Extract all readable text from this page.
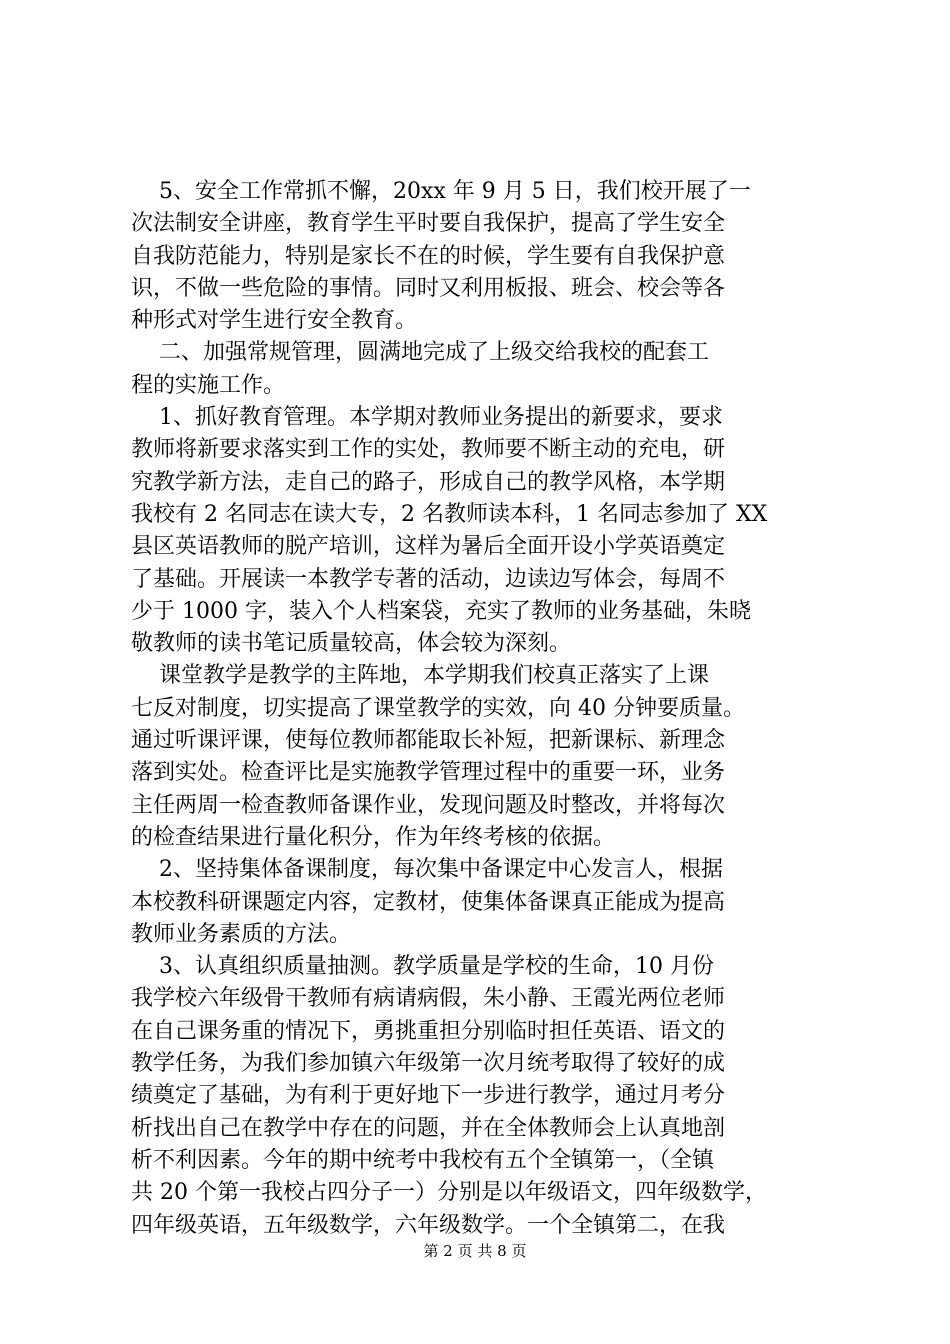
5、安全工作常抓不懈，20xx 年 9 月 5 日，我们校开展了一
次法制安全讲座，教育学生平时要自我保护，提高了学生安全
自我防范能力，特别是家长不在的时候，学生要有自我保护意
识，不做一些危险的事情。同时又利用板报、班会、校会等各
种形式对学生进行安全教育。
二、加强常规管理，圆满地完成了上级交给我校的配套工
程的实施工作。
1、抓好教育管理。本学期对教师业务提出的新要求，要求
教师将新要求落实到工作的实处，教师要不断主动的充电，研
究教学新方法，走自己的路子，形成自己的教学风格，本学期
我校有 2 名同志在读大专，2 名教师读本科，1 名同志参加了 XX
县区英语教师的脱产培训，这样为暑后全面开设小学英语奠定
了基础。开展读一本教学专著的活动，边读边写体会，每周不
少于 1000 字，装入个人档案袋，充实了教师的业务基础，朱晓
敬教师的读书笔记质量较高，体会较为深刻。
课堂教学是教学的主阵地，本学期我们校真正落实了上课
七反对制度，切实提高了课堂教学的实效，向 40 分钟要质量。
通过听课评课，使每位教师都能取长补短，把新课标、新理念
落到实处。检查评比是实施教学管理过程中的重要一环，业务
主任两周一检查教师备课作业，发现问题及时整改，并将每次
的检查结果进行量化积分，作为年终考核的依据。
2、坚持集体备课制度，每次集中备课定中心发言人，根据
本校教科研课题定内容，定教材，使集体备课真正能成为提高
教师业务素质的方法。
3、认真组织质量抽测。教学质量是学校的生命，10 月份
我学校六年级骨干教师有病请病假，朱小静、王霞光两位老师
在自己课务重的情况下，勇挑重担分别临时担任英语、语文的
教学任务，为我们参加镇六年级第一次月统考取得了较好的成
绩奠定了基础，为有利于更好地下一步进行教学，通过月考分
析找出自己在教学中存在的问题，并在全体教师会上认真地剖
析不利因素。今年的期中统考中我校有五个全镇第一，（全镇
共 20 个第一我校占四分子一）分别是以年级语文，四年级数学，
四年级英语，五年级数学，六年级数学。一个全镇第二，在我
第 2 页 共 8 页
